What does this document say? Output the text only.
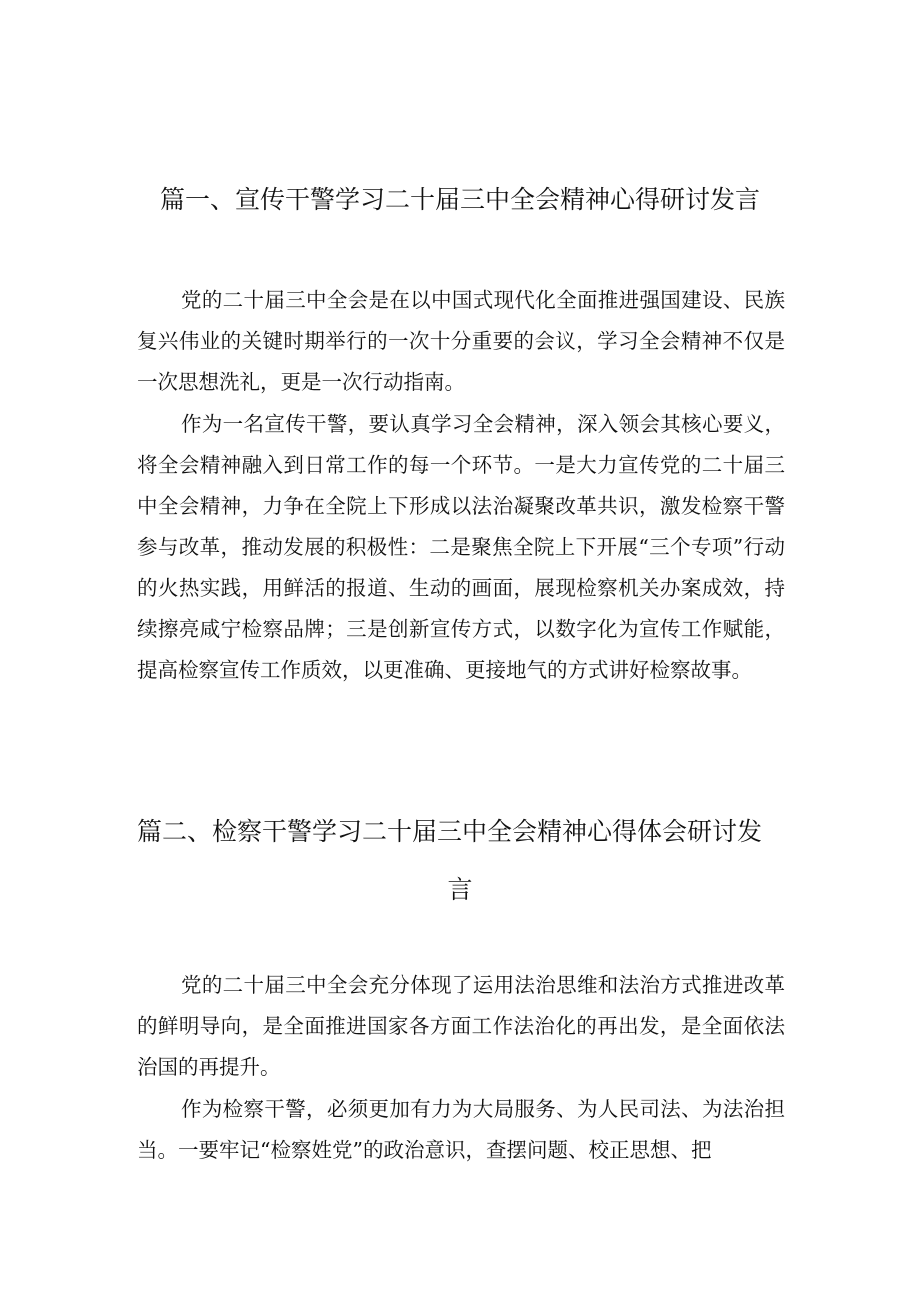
篇一、宣传干警学习二十届三中全会精神心得研讨发言

党的二十届三中全会是在以中国式现代化全面推进强国建设、民族复兴伟业的关键时期举行的一次十分重要的会议，学习全会精神不仅是一次思想洗礼，更是一次行动指南。

作为一名宣传干警，要认真学习全会精神，深入领会其核心要义，将全会精神融入到日常工作的每一个环节。一是大力宣传党的二十届三中全会精神，力争在全院上下形成以法治凝聚改革共识，激发检察干警参与改革，推动发展的积极性：二是聚焦全院上下开展“三个专项”行动的火热实践，用鲜活的报道、生动的画面，展现检察机关办案成效，持续擦亮咸宁检察品牌；三是创新宣传方式，以数字化为宣传工作赋能，提高检察宣传工作质效，以更准确、更接地气的方式讲好检察故事。

篇二、检察干警学习二十届三中全会精神心得体会研讨发
言

党的二十届三中全会充分体现了运用法治思维和法治方式推进改革的鲜明导向，是全面推进国家各方面工作法治化的再出发，是全面依法治国的再提升。

作为检察干警，必须更加有力为大局服务、为人民司法、为法治担当。一要牢记“检察姓党”的政治意识，查摆问题、校正思想、把
